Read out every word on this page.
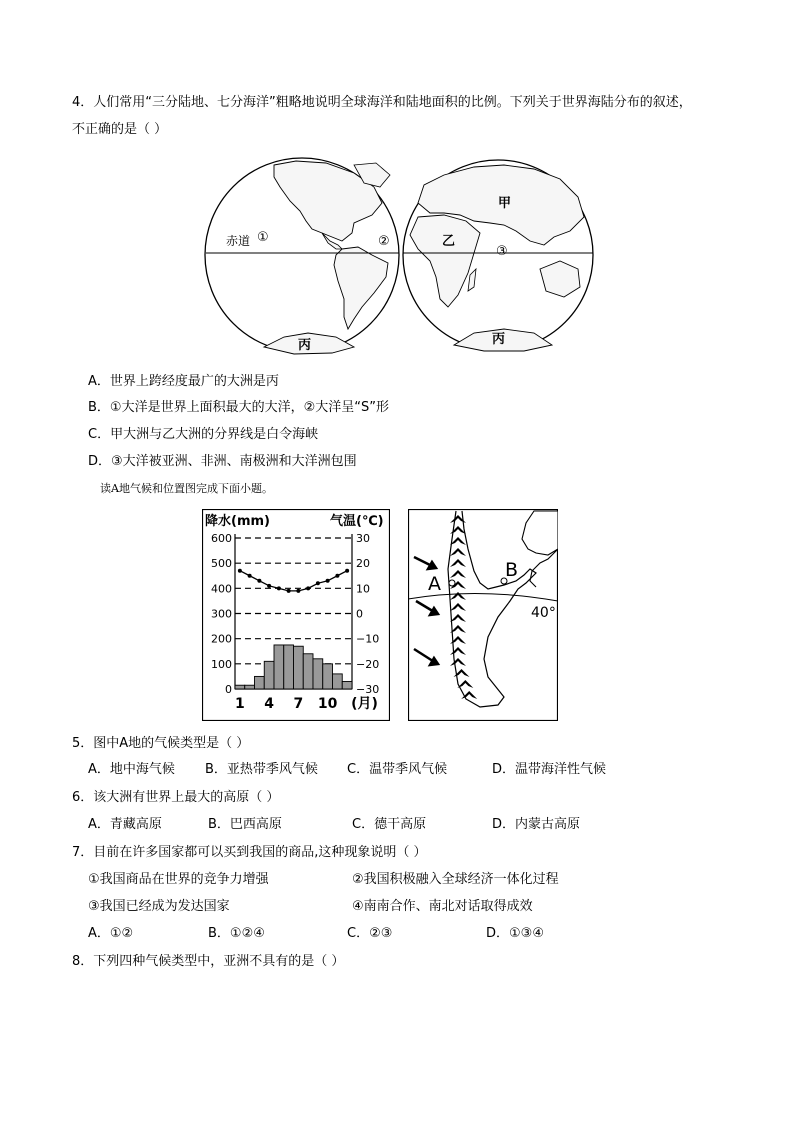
4．人们常用“三分陆地、七分海洋”粗略地说明全球海洋和陆地面积的比例。下列关于世界海陆分布的叙述，
不正确的是（ ）
赤道 ①	②
③
甲
乙
丙	丙
A．世界上跨经度最广的大洲是丙
B．①大洋是世界上面积最大的大洋，②大洋呈“S”形
C．甲大洲与乙大洲的分界线是白令海峡
D．③大洋被亚洲、非洲、南极洲和大洋洲包围
读A地气候和位置图完成下面小题。
降水(mm)	气温(℃)
600
500
400
300
200
100
0
30
20
10
0
−10
−20
−30
1 4 7 10 (月)
A
B
40°
5．图中A地的气候类型是（ ）
A．地中海气候 B．亚热带季风气候 C．温带季风气候	D．温带海洋性气候
6．该大洲有世界上最大的高原（ ）
A．青藏高原	B．巴西高原	C．德干高原	D．内蒙古高原
7．目前在许多国家都可以买到我国的商品,这种现象说明（ ）
①我国商品在世界的竞争力增强	②我国积极融入全球经济一体化过程
③我国已经成为发达国家	④南南合作、南北对话取得成效
A．①②	B．①②④	C．②③	D．①③④
8．下列四种气候类型中，亚洲不具有的是（ ）
